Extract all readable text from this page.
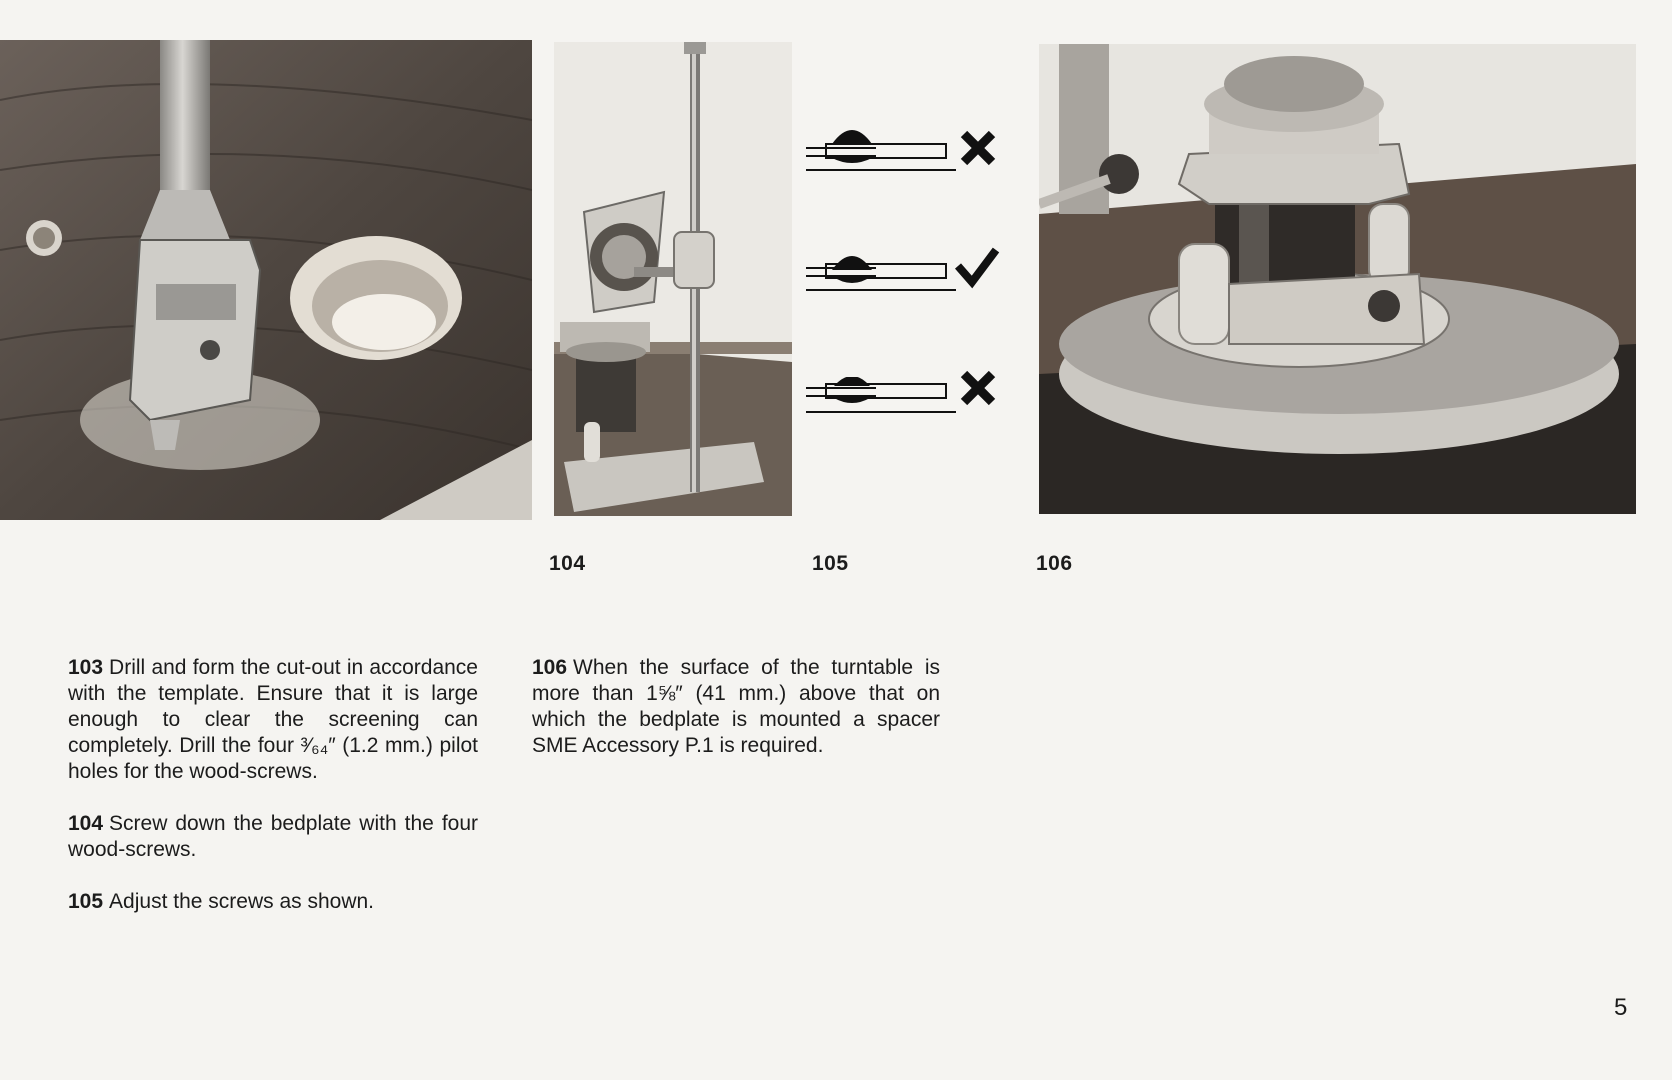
104	105	106

103 Drill and form the cut-out in accordance with the template. Ensure that it is large enough to clear the screening can completely. Drill the four ³⁄₆₄″ (1.2 mm.) pilot holes for the wood-screws.

104 Screw down the bedplate with the four wood-screws.

105 Adjust the screws as shown.

106 When the surface of the turntable is more than 1⅝″ (41 mm.) above that on which the bedplate is mounted a spacer SME Accessory P.1 is required.

5
